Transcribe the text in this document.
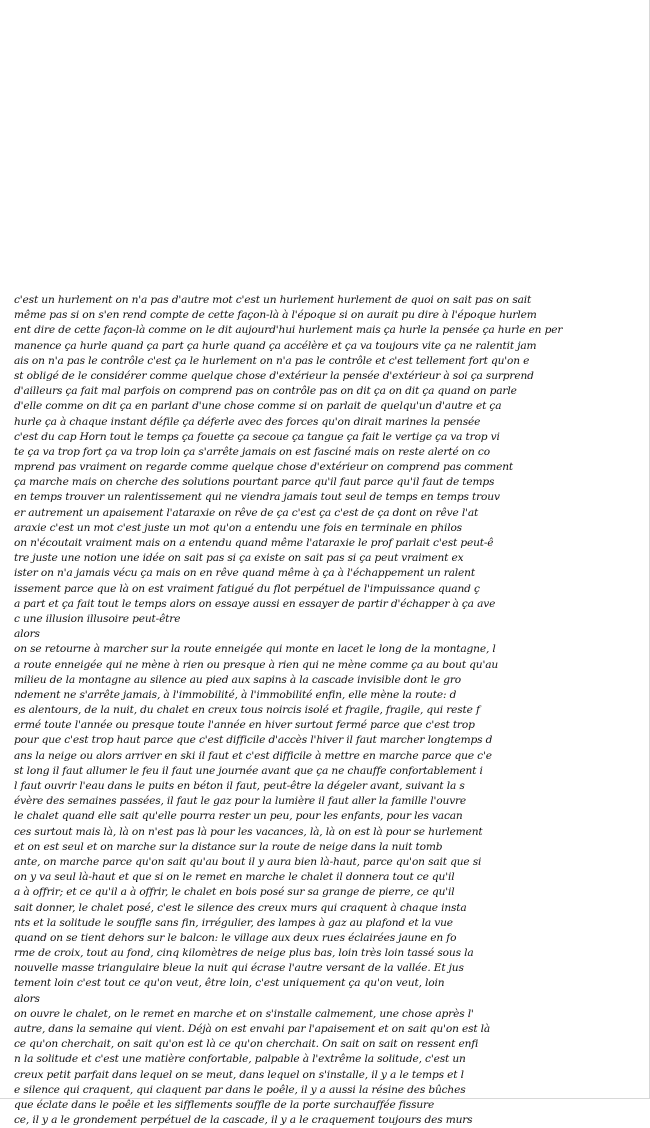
c'est un hurlement on n'a pas d'autre mot c'est un hurlement hurlement de quoi on sait pas on sait
même pas si on s'en rend compte de cette façon-là à l'époque si on aurait pu dire à l'époque hurlem
ent dire de cette façon-là comme on le dit aujourd'hui hurlement mais ça hurle la pensée ça hurle en per
manence ça hurle quand ça part ça hurle quand ça accélère et ça va toujours vite ça ne ralentit jam
ais on n'a pas le contrôle c'est ça le hurlement on n'a pas le contrôle et c'est tellement fort qu'on e
st obligé de le considérer comme quelque chose d'extérieur la pensée d'extérieur à soi ça surprend
d'ailleurs ça fait mal parfois on comprend pas on contrôle pas on dit ça on dit ça quand on parle
d'elle comme on dit ça en parlant d'une chose comme si on parlait de quelqu'un d'autre et ça
hurle ça à chaque instant défile ça déferle avec des forces qu'on dirait marines la pensée
c'est du cap Horn tout le temps ça fouette ça secoue ça tangue ça fait le vertige ça va trop vi
te ça va trop fort ça va trop loin ça s'arrête jamais on est fasciné mais on reste alerté on co
mprend pas vraiment on regarde comme quelque chose d'extérieur on comprend pas comment
ça marche mais on cherche des solutions pourtant parce qu'il faut parce qu'il faut de temps
en temps trouver un ralentissement qui ne viendra jamais tout seul de temps en temps trouv
er autrement un apaisement l'ataraxie on rêve de ça c'est ça c'est de ça dont on rêve l'at
araxie c'est un mot c'est juste un mot qu'on a entendu une fois en terminale en philos
on n'écoutait vraiment mais on a entendu quand même l'ataraxie le prof parlait c'est peut-ê
tre juste une notion une idée on sait pas si ça existe on sait pas si ça peut vraiment ex
ister on n'a jamais vécu ça mais on en rêve quand même à ça à l'échappement un ralent
issement parce que là on est vraiment fatigué du flot perpétuel de l'impuissance quand ç
a part et ça fait tout le temps alors on essaye aussi en essayer de partir d'échapper à ça ave
c une illusion illusoire peut-être
alors
on se retourne à marcher sur la route enneigée qui monte en lacet le long de la montagne, l
a route enneigée qui ne mène à rien ou presque à rien qui ne mène comme ça au bout qu'au
milieu de la montagne au silence au pied aux sapins à la cascade invisible dont le gro
ndement ne s'arrête jamais, à l'immobilité, à l'immobilité enfin, elle mène la route: d
es alentours, de la nuit, du chalet en creux tous noircis isolé et fragile, fragile, qui reste f
ermé toute l'année ou presque toute l'année en hiver surtout fermé parce que c'est trop
pour que c'est trop haut parce que c'est difficile d'accès l'hiver il faut marcher longtemps d
ans la neige ou alors arriver en ski il faut et c'est difficile à mettre en marche parce que c'e
st long il faut allumer le feu il faut une journée avant que ça ne chauffe confortablement i
l faut ouvrir l'eau dans le puits en béton il faut, peut-être la dégeler avant, suivant la s
évère des semaines passées, il faut le gaz pour la lumière il faut aller la famille l'ouvre
le chalet quand elle sait qu'elle pourra rester un peu, pour les enfants, pour les vacan
ces surtout mais là, là on n'est pas là pour les vacances, là, là on est là pour se hurlement
et on est seul et on marche sur la distance sur la route de neige dans la nuit tomb
ante, on marche parce qu'on sait qu'au bout il y aura bien là-haut, parce qu'on sait que si
on y va seul là-haut et que si on le remet en marche le chalet il donnera tout ce qu'il
a à offrir; et ce qu'il a à offrir, le chalet en bois posé sur sa grange de pierre, ce qu'il
sait donner, le chalet posé, c'est le silence des creux murs qui craquent à chaque insta
nts et la solitude le souffle sans fin, irrégulier, des lampes à gaz au plafond et la vue
quand on se tient dehors sur le balcon: le village aux deux rues éclairées jaune en fo
rme de croix, tout au fond, cinq kilomètres de neige plus bas, loin très loin tassé sous la
nouvelle masse triangulaire bleue la nuit qui écrase l'autre versant de la vallée. Et jus
tement loin c'est tout ce qu'on veut, être loin, c'est uniquement ça qu'on veut, loin
alors
on ouvre le chalet, on le remet en marche et on s'installe calmement, une chose après l'
autre, dans la semaine qui vient. Déjà on est envahi par l'apaisement et on sait qu'on est là
ce qu'on cherchait, on sait qu'on est là ce qu'on cherchait. On sait on sait on ressent enfi
n la solitude et c'est une matière confortable, palpable à l'extrême la solitude, c'est un
creux petit parfait dans lequel on se meut, dans lequel on s'installe, il y a le temps et l
e silence qui craquent, qui claquent par dans le poêle, il y a aussi la résine des bûches
que éclate dans le poêle et les sifflements souffle de la porte surchauffée fissure
ce, il y a le grondement perpétuel de la cascade, il y a le craquement toujours des murs
